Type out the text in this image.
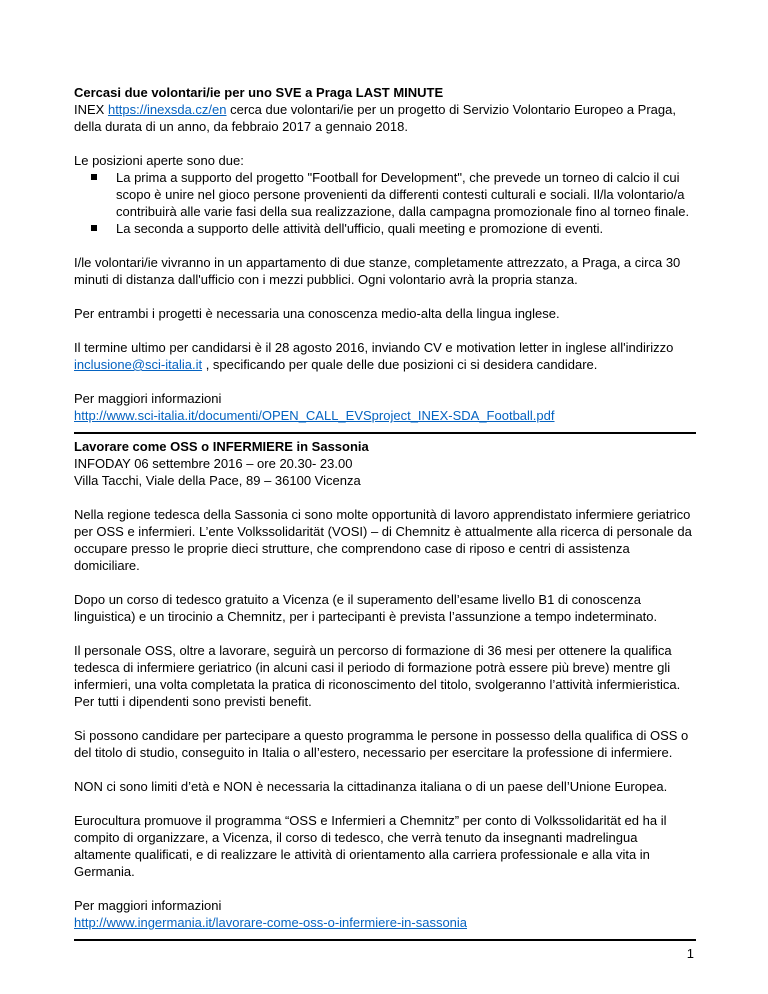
Cercasi due volontari/ie per uno SVE a Praga LAST MINUTE

INEX https://inexsda.cz/en cerca due volontari/ie per un progetto di Servizio Volontario Europeo a Praga, della durata di un anno, da febbraio 2017 a gennaio 2018.

Le posizioni aperte sono due:

La prima a supporto del progetto "Football for Development", che prevede un torneo di calcio il cui scopo è unire nel gioco persone provenienti da differenti contesti culturali e sociali. Il/la volontario/a contribuirà alle varie fasi della sua realizzazione, dalla campagna promozionale fino al torneo finale.
La seconda a supporto delle attività dell'ufficio, quali meeting e promozione di eventi.

I/le volontari/ie vivranno in un appartamento di due stanze, completamente attrezzato, a Praga, a circa 30 minuti di distanza dall'ufficio con i mezzi pubblici. Ogni volontario avrà la propria stanza.

Per entrambi i progetti è necessaria una conoscenza medio-alta della lingua inglese.

Il termine ultimo per candidarsi è il 28 agosto 2016, inviando CV e motivation letter in inglese all'indirizzo inclusione@sci-italia.it , specificando per quale delle due posizioni ci si desidera candidare.

Per maggiori informazioni
http://www.sci-italia.it/documenti/OPEN_CALL_EVSproject_INEX-SDA_Football.pdf

Lavorare come OSS o INFERMIERE in Sassonia
INFODAY 06 settembre 2016 – ore 20.30- 23.00
Villa Tacchi, Viale della Pace, 89 – 36100 Vicenza

Nella regione tedesca della Sassonia ci sono molte opportunità di lavoro apprendistato infermiere geriatrico per OSS e infermieri. L’ente Volkssolidarität (VOSI) – di Chemnitz è attualmente alla ricerca di personale da occupare presso le proprie dieci strutture, che comprendono case di riposo e centri di assistenza domiciliare.

Dopo un corso di tedesco gratuito a Vicenza (e il superamento dell’esame livello B1 di conoscenza linguistica) e un tirocinio a Chemnitz, per i partecipanti è prevista l’assunzione a tempo indeterminato.

Il personale OSS, oltre a lavorare, seguirà un percorso di formazione di 36 mesi per ottenere la qualifica tedesca di infermiere geriatrico (in alcuni casi il periodo di formazione potrà essere più breve) mentre gli infermieri, una volta completata la pratica di riconoscimento del titolo, svolgeranno l’attività infermieristica. Per tutti i dipendenti sono previsti benefit.

Si possono candidare per partecipare a questo programma le persone in possesso della qualifica di OSS o del titolo di studio, conseguito in Italia o all’estero, necessario per esercitare la professione di infermiere.

NON ci sono limiti d’età e NON è necessaria la cittadinanza italiana o di un paese dell’Unione Europea.

Eurocultura promuove il programma “OSS e Infermieri a Chemnitz” per conto di Volkssolidarität ed ha il compito di organizzare, a Vicenza, il corso di tedesco, che verrà tenuto da insegnanti madrelingua altamente qualificati, e di realizzare le attività di orientamento alla carriera professionale e alla vita in Germania.

Per maggiori informazioni
http://www.ingermania.it/lavorare-come-oss-o-infermiere-in-sassonia

1
